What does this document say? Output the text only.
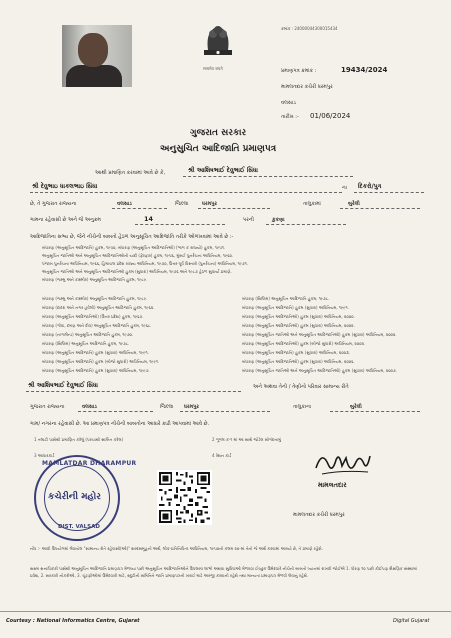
सत्यमेव जयते
ક્રમાંક : 24000044300015434
પ્રમાણપત્ર ક્રમાંક :	19434/2024
મામલતદાર કચેરી ધરમપુર
વલસાડ
તારીખ :- 01/06/2024
ગુજરાત સરકાર
અનુસુચિત આદિજાતિ પ્રમાણપત્ર
આથી પ્રમાણિત કરવામાં આવે છે કે,	શ્રી આશિષભાઈ દેવુભાઈ સિંધા
શ્રી દેવુભાઇ ધાકલભાઇ સિંધા	ના દિકરો/પુત્ર
છે, તે ગુજરાત રાજ્યના	વલસાડ	જિલ્લા	ધરમપુર	તાલુકામાં	બુરેલી
ગામના રહેવાસી છે અને જે અનુક્રમ	14	પરની	કુકણા
આદિજાતિના સભ્ય છે, જેને નીચેની બાબતો હેઠળ અનુસૂચિત આદિજાતિ તરીકે ઓળખવામાં આવે છે :-
બંધારણ (અનુસૂચિત આદિજાતિ) હુકમ, ૧૯૫૦, બંધારણ (અનુસૂચિત આદિજાતિઓ) (ભાગ ક રાજ્યો) હુકમ, ૧૯૫૧.
અનુસૂચિત જાતિઓ અને અનુસૂચિત આદિજાતિઓની યાદી (ફેરફાર) હુકમ, ૧૯૫૬, મુંબઈ પુનર્રચના અધિનિયમ, ૧૯૬૦.
પંજાબ પુનર્રચના અધિનિયમ, ૧૯૬૬, હિમાચલ પ્રદેશ રાજ્ય અધિનિયમ, ૧૯૭૦, ઉત્તર-પૂર્વ વિસ્તારો (પુનર્રચના) અધિનિયમ, ૧૯૭૧.
અનુસૂચિત જાતિઓ અને અનુસૂચિત આદિજાતિઓ હુકમ (સુધારા) અધિનિયમ, ૧૯૭૬ અને ૧૯૮૭ હેઠળ સુધાર્યા પ્રમાણે.
બંધારણ (જમ્મુ અને કાશ્મીર) અનુસૂચિત આદિજાતિ હુકમ, ૧૯૮૯.
બંધારણ (જમ્મુ અને કાશ્મીર) અનુસૂચિત આદિજાતિ હુકમ, ૧૯૮૯.
બંધારણ (દાદરા અને નગર હવેલી) અનુસૂચિત આદિજાતિ હુકમ, ૧૯૬૨.
બંધારણ (અનુસૂચિત આદિજાતિઓ) (ઉત્તર પ્રદેશ) હુકમ, ૧૯૬૭.
બંધારણ (ગોવા, દમણ અને દીવ) અનુસૂચિત આદિજાતિ હુકમ, ૧૯૬૮.
બંધારણ (નાગાલેન્ડ) અનુસૂચિત આદિજાતિ હુકમ, ૧૯૭૦.
બંધારણ (સિક્કિમ) અનુસૂચિત આદિજાતિ હુકમ, ૧૯૭૮.
બંધારણ (અનુસૂચિત આદિજાતિ) હુકમ (સુધારા) અધિનિયમ, ૧૯૯૧.
બંધારણ (અનુસૂચિત આદિજાતિ) હુકમ (બીજો સુધારો) અધિનિયમ, ૧૯૯૧.
બંધારણ (અનુસૂચિત આદિજાતિ) હુકમ (સુધારા) અધિનિયમ, ૧૯૯૭.
બંધારણ (સિક્કિમ) અનુસૂચિત આદિજાતિ હુકમ, ૧૯૭૮.
બંધારણ (અનુસૂચિત આદિજાતિ) હુકમ (સુધારા) અધિનિયમ, ૧૯૯૧.
બંધારણ (અનુસૂચિત આદિજાતિઓ) હુકમ (સુધારા) અધિનિયમ, ૨૦૦૦.
બંધારણ (અનુસૂચિત આદિજાતિઓ) હુકમ (સુધારા) અધિનિયમ, ૨૦૦૨.
બંધારણ (અનુસૂચિત જાતિઓ અને અનુસૂચિત આદિજાતિઓ) હુકમ (સુધારા) અધિનિયમ, ૨૦૦૨.
બંધારણ (અનુસૂચિત આદિજાતિઓ) હુકમ (બીજો સુધારો) અધિનિયમ, ૨૦૦૨.
બંધારણ (અનુસૂચિત આદિજાતિ) હુકમ (સુધારા) અધિનિયમ, ૨૦૦૩.
બંધારણ (અનુસૂચિત આદિજાતિઓ) હુકમ (સુધારા) અધિનિયમ, ૨૦૦૬.
બંધારણ (અનુસૂચિત જાતિઓ અને અનુસૂચિત આદિજાતિઓ) હુકમ (સુધારા) અધિનિયમ, ૨૦૦૭.
શ્રી આશિષભાઈ દેવુભાઈ સિંધા	અને અથવા તેની / તેણીનો પરિવાર સામાન્ય રીતે
ગુજરાત રાજ્યના	વલસાડ	જિલ્લા ધરમપુર	તાલુકાના	બુરેલી
ગામ/ નગરના રહેવાસી છે. આ પ્રમાણપત્ર નીચેની બાબતોના આધારે કાઢી આપવામાં આવે છે.
1 તલાટી પાસેથી પ્રમાણિત કરેલું (પરચાથી સાબિત કરેલ)	2 ગૂગલ ક-૧ માં આ સાથે જોડેલ સોગંદનામું
3 આધારકાર્ડ	4 રેશન કાર્ડ
MAMLATDAR DHARAMPUR
કચેરીની મહોર
DIST. VALSAD
મામલતદાર
મામલતદાર કચેરી ધરમપુર
નોંધ :- આવી ઉપયોગમાં લેવાયેલ "સામાન્ય રીતે રહેવાસી(ઓ)" શબ્દસમૂહનો અર્થ, લોક-પ્રતિનિધિત્વ અધિનિયમ, ૧૯૫૦ની કલમ ૨૦-માં તેનો જે અર્થ કરવામાં આવ્યો છે, તે પ્રમાણે રહેશે.
સક્ષમ સત્તાધિકારી પાસેથી અનુસૂચિત આદિજાતિ પ્રમાણપત્ર મેળવ્યા પછી અનુસૂચિત આદિજાતિઓને ઉપલબ્ધ લાભો અથવા સુવિધાઓ મેળવવા ઈચ્છુક ઉમેદવારે નીચેની બાબતો ધ્યાનમાં રાખવી જોઈએ 1. ધોરણ ૧૦ પછી કોઈપણ શૈક્ષણિક સંસ્થામાં પ્રવેશ, 2. સરકારી નોકરીઓ, 3. ચૂંટણીઓમાં ઉમેદવારી માટે, સ્ક્રુટીની સમિતિને જાતિ પ્રમાણપત્રની ખરાઈ માટે અરજી કરવાની રહેશે તથા માન્યતા પ્રમાણપત્ર મેળવી લેવાનું રહેશે.
Courtesy : National Informatics Centre, Gujarat	Digital Gujarat
